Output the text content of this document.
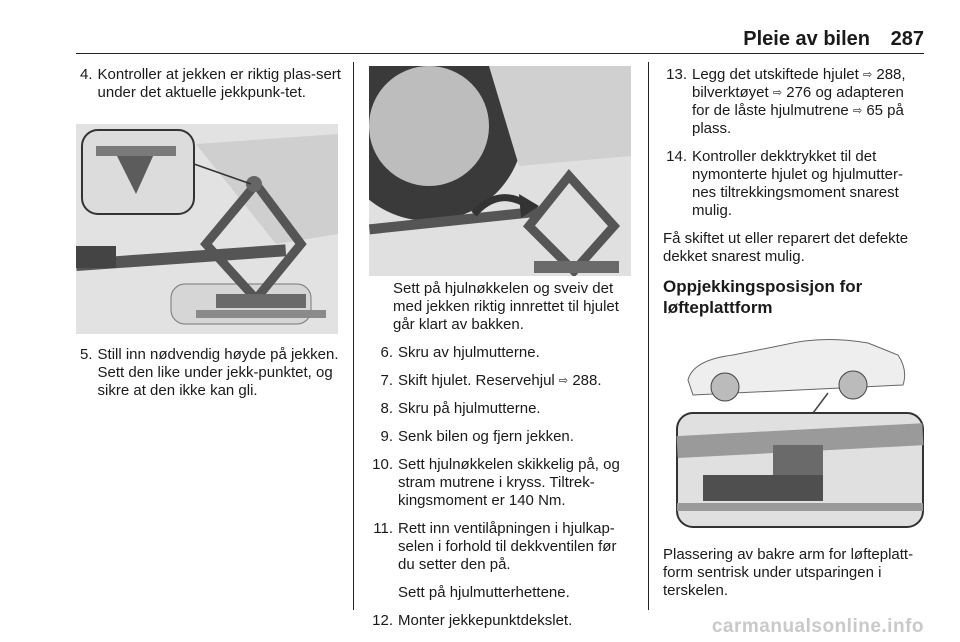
Pleie av bilen 287
4. Kontroller at jekken er riktig plas-sert under det aktuelle jekkpunk-tet.
5. Still inn nødvendig høyde på jekken. Sett den like under jekk-punktet, og sikre at den ikke kan gli.
Sett på hjulnøkkelen og sveiv det med jekken riktig innrettet til hjulet går klart av bakken.
6. Skru av hjulmutterne.
7. Skift hjulet. Reservehjul ⇨ 288.
8. Skru på hjulmutterne.
9. Senk bilen og fjern jekken.
10. Sett hjulnøkkelen skikkelig på, og stram mutrene i kryss. Tiltrek-kingsmoment er 140 Nm.
11. Rett inn ventilåpningen i hjulkap-selen i forhold til dekkventilen før du setter den på.
Sett på hjulmutterhettene.
12. Monter jekkepunktdekslet.
13. Legg det utskiftede hjulet ⇨ 288, bilverktøyet ⇨ 276 og adapteren for de låste hjulmutrene ⇨ 65 på plass.
14. Kontroller dekktrykket til det nymonterte hjulet og hjulmutter-nes tiltrekkingsmoment snarest mulig.
Få skiftet ut eller reparert det defekte dekket snarest mulig.
Oppjekkingsposisjon for løfteplattform
Plassering av bakre arm for løfteplatt-form sentrisk under utsparingen i terskelen.
carmanualsonline.info
